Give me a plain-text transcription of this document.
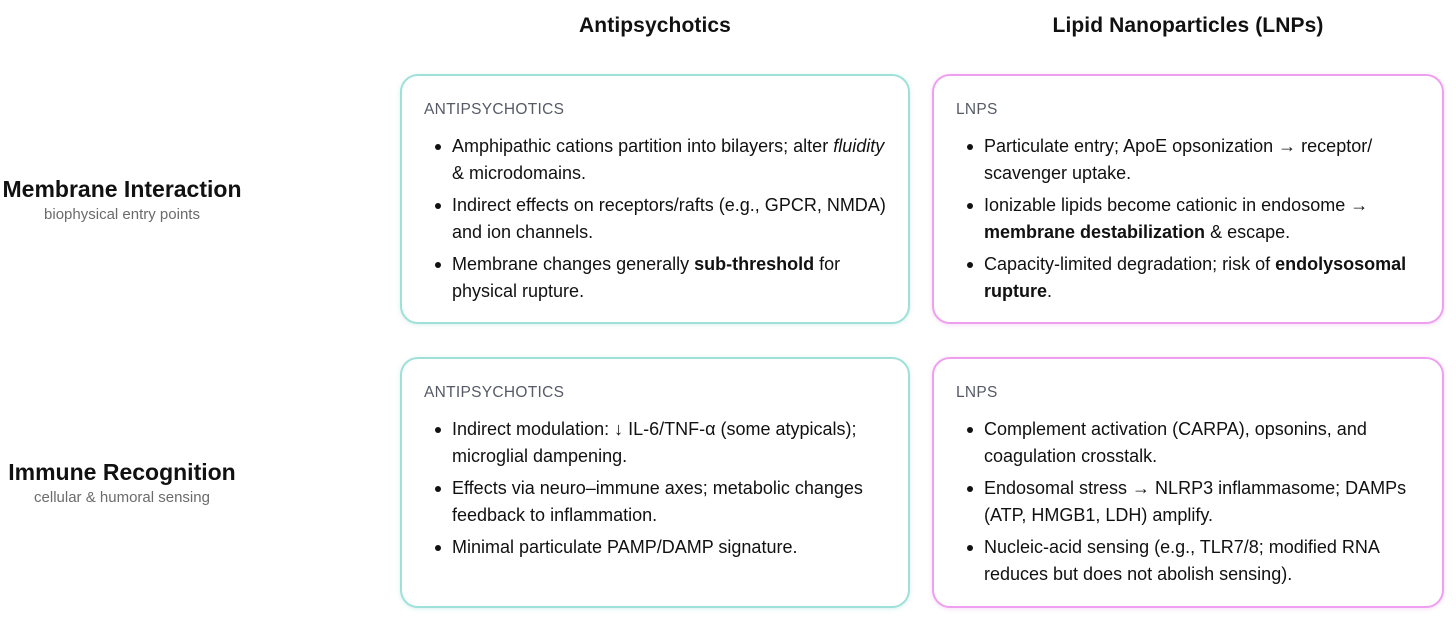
Antipsychotics	Lipid Nanoparticles (LNPs)
Membrane Interaction
biophysical entry points
Immune Recognition
cellular & humoral sensing
ANTIPSYCHOTICS
Amphipathic cations partition into bilayers; alter fluidity & microdomains.
Indirect effects on receptors/rafts (e.g., GPCR, NMDA) and ion channels.
Membrane changes generally sub-threshold for physical rupture.
LNPS
Particulate entry; ApoE opsonization → receptor/ scavenger uptake.
Ionizable lipids become cationic in endosome → membrane destabilization & escape.
Capacity-limited degradation; risk of endolysosomal rupture.
ANTIPSYCHOTICS
Indirect modulation: ↓ IL-6/TNF-α (some atypicals); microglial dampening.
Effects via neuro–immune axes; metabolic changes feedback to inflammation.
Minimal particulate PAMP/DAMP signature.
LNPS
Complement activation (CARPA), opsonins, and coagulation crosstalk.
Endosomal stress → NLRP3 inflammasome; DAMPs (ATP, HMGB1, LDH) amplify.
Nucleic-acid sensing (e.g., TLR7/8; modified RNA reduces but does not abolish sensing).
